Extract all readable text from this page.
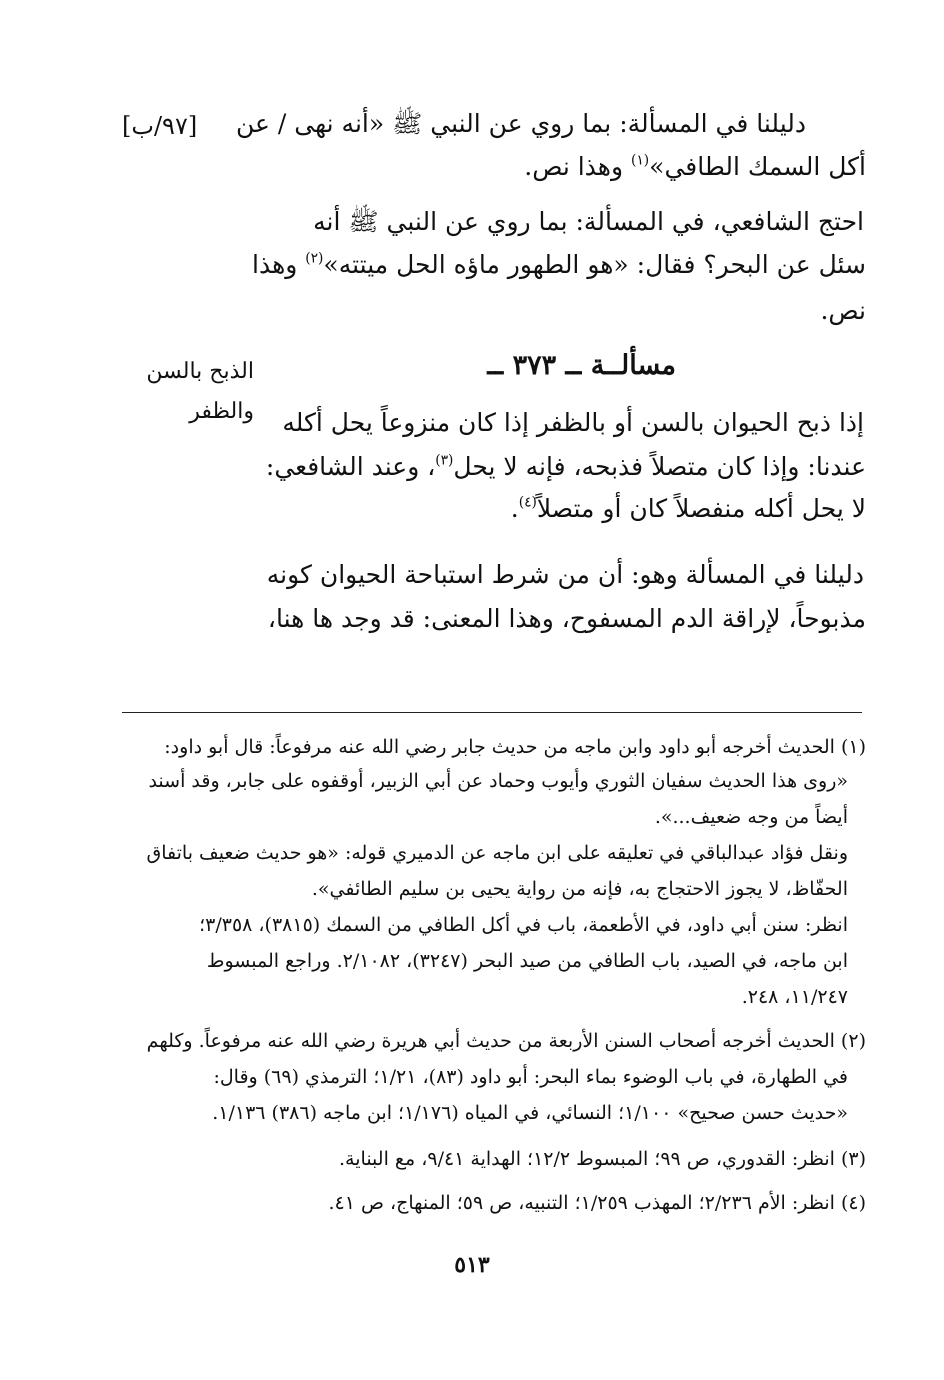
[٩٧/ب]
الذبح بالسن
والظفر
دليلنا في المسألة: بما روي عن النبي ﷺ «أنه نهى / عن
أكل السمك الطافي»$^{(١)}$ وهذا نص.
احتج الشافعي، في المسألة: بما روي عن النبي ﷺ أنه
سئل عن البحر؟ فقال: «هو الطهور ماؤه الحل ميتته»$^{(٢)}$ وهذا
نص.
مسألــة ــ ٣٧٣ ــ
إذا ذبح الحيوان بالسن أو بالظفر إذا كان منزوعاً يحل أكله
عندنا: وإذا كان متصلاً فذبحه، فإنه لا يحل$^{(٣)}$، وعند الشافعي:
لا يحل أكله منفصلاً كان أو متصلاً$^{(٤)}$.
دليلنا في المسألة وهو: أن من شرط استباحة الحيوان كونه
مذبوحاً، لإراقة الدم المسفوح، وهذا المعنى: قد وجد ها هنا،
(١) الحديث أخرجه أبو داود وابن ماجه من حديث جابر رضي الله عنه مرفوعاً: قال أبو داود:
«روى هذا الحديث سفيان الثوري وأيوب وحماد عن أبي الزبير، أوقفوه على جابر، وقد أسند
أيضاً من وجه ضعيف...».
ونقل فؤاد عبدالباقي في تعليقه على ابن ماجه عن الدميري قوله: «هو حديث ضعيف باتفاق
الحفّاظ، لا يجوز الاحتجاج به، فإنه من رواية يحيى بن سليم الطائفي».
انظر: سنن أبي داود، في الأطعمة، باب في أكل الطافي من السمك (٣٨١٥)، ٣/٣٥٨؛
ابن ماجه، في الصيد، باب الطافي من صيد البحر (٣٢٤٧)، ٢/١٠٨٢. وراجع المبسوط
١١/٢٤٧، ٢٤٨.
(٢) الحديث أخرجه أصحاب السنن الأربعة من حديث أبي هريرة رضي الله عنه مرفوعاً. وكلهم
في الطهارة، في باب الوضوء بماء البحر: أبو داود (٨٣)، ١/٢١؛ الترمذي (٦٩) وقال:
«حديث حسن صحيح» ١/١٠٠؛ النسائي، في المياه (١/١٧٦؛ ابن ماجه (٣٨٦) ١/١٣٦.
(٣) انظر: القدوري، ص ٩٩؛ المبسوط ١٢/٢؛ الهداية ٩/٤١، مع البناية.
(٤) انظر: الأم ٢/٢٣٦؛ المهذب ١/٢٥٩؛ التنبيه، ص ٥٩؛ المنهاج، ص ٤١.
٥١٣
